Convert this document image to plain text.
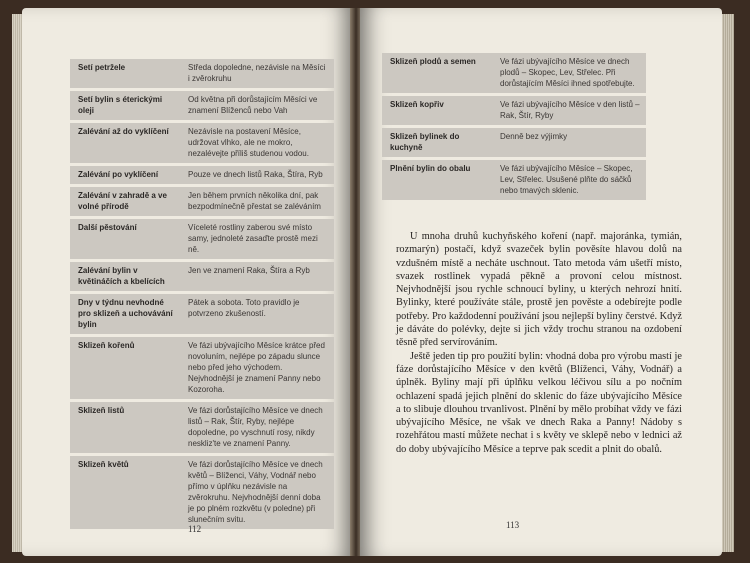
Setí petržele	Středa dopoledne, nezávisle na Měsíci i zvěrokruhu
Setí bylin s éterickými oleji	Od května při dorůstajícím Měsíci ve znamení Blíženců nebo Vah
Zalévání až do vyklíčení	Nezávisle na postavení Měsíce, udržovat vlhko, ale ne mokro, nezalévejte příliš studenou vodou.
Zalévání po vyklíčení	Pouze ve dnech listů Raka, Štíra, Ryb
Zalévání v zahradě a ve volné přírodě	Jen během prvních několika dní, pak bezpodmínečně přestat se zaléváním
Další pěstování	Víceleté rostliny zaberou své místo samy, jednoleté zasaďte prostě mezi ně.
Zalévání bylin v květináčích a kbelících	Jen ve znamení Raka, Štíra a Ryb
Dny v týdnu nevhodné pro sklizeň a uchovávání bylin	Pátek a sobota. Toto pravidlo je potvrzeno zkušeností.
Sklizeň kořenů	Ve fázi ubývajícího Měsíce krátce před novoluním, nejlépe po západu slunce nebo před jeho východem. Nejvhodnější je znamení Panny nebo Kozoroha.
Sklizeň listů	Ve fázi dorůstajícího Měsíce ve dnech listů – Rak, Štír, Ryby, nejlépe dopoledne, po vyschnutí rosy, nikdy neskliz'te ve znamení Panny.
Sklizeň květů	Ve fázi dorůstajícího Měsíce ve dnech květů – Blíženci, Váhy, Vodnář nebo přímo v úplňku nezávisle na zvěrokruhu. Nejvhodnější denní doba je po plném rozkvětu (v poledne) při slunečním svitu.
112
Sklizeň plodů a semen	Ve fázi ubývajícího Měsíce ve dnech plodů – Skopec, Lev, Střelec. Při dorůstajícím Měsíci ihned spotřebujte.
Sklizeň kopřiv	Ve fázi ubývajícího Měsíce v den listů – Rak, Štír, Ryby
Sklizeň bylinek do kuchyně	Denně bez výjimky
Plnění bylin do obalu	Ve fázi ubývajícího Měsíce – Skopec, Lev, Střelec. Usušené plňte do sáčků nebo tmavých sklenic.

U mnoha druhů kuchyňského koření (např. majoránka, tymián, rozmarýn) postačí, když svazeček bylin pověsíte hlavou dolů na vzdušném místě a necháte uschnout. Tato metoda vám ušetří místo, svazek rostlinek vypadá pěkně a provoní celou místnost. Nejvhodnější jsou rychle schnoucí byliny, u kterých nehrozí hnití. Bylinky, které používáte stále, prostě jen pověste a odebírejte podle potřeby. Pro každodenní používání jsou nejlepší byliny čerstvé. Když je dáváte do polévky, dejte si jich vždy trochu stranou na ozdobení těsně před servírováním.

Ještě jeden tip pro použití bylin: vhodná doba pro výrobu mastí je fáze dorůstajícího Měsíce v den květů (Blíženci, Váhy, Vodnář) a úplněk. Byliny mají při úplňku velkou léčivou sílu a po nočním ochlazení spadá jejich plnění do sklenic do fáze ubývajícího Měsíce a to slibuje dlouhou trvanlivost. Plnění by mělo probíhat vždy ve fázi ubývajícího Měsíce, ne však ve dnech Raka a Panny! Nádoby s rozehřátou mastí můžete nechat i s květy ve sklepě nebo v lednici až do doby ubývajícího Měsíce a teprve pak scedit a plnit do obalů.

113
